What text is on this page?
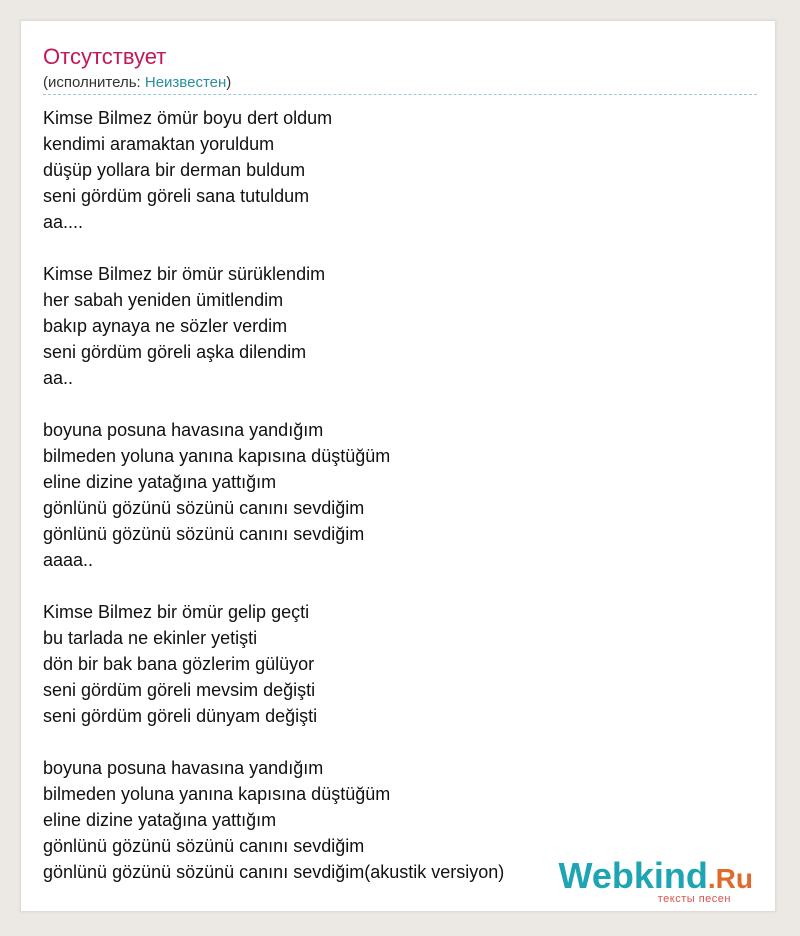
Отсутствует
(исполнитель: Неизвестен)
Kimse Bilmez ömür boyu dert oldum
kendimi aramaktan yoruldum
düşüp yollara bir derman buldum
seni gördüm göreli sana tutuldum
aa....

Kimse Bilmez bir ömür sürüklendim
her sabah yeniden ümitlendim
bakıp aynaya ne sözler verdim
seni gördüm göreli aşka dilendim
aa..

boyuna posuna havasına yandığım
bilmeden yoluna yanına kapısına düştüğüm
eline dizine yatağına yattığım
gönlünü gözünü sözünü canını sevdiğim
gönlünü gözünü sözünü canını sevdiğim
aaaa..

Kimse Bilmez bir ömür gelip geçti
bu tarlada ne ekinler yetişti
dön bir bak bana gözlerim gülüyor
seni gördüm göreli mevsim değişti
seni gördüm göreli dünyam değişti

boyuna posuna havasına yandığım
bilmeden yoluna yanına kapısına düştüğüm
eline dizine yatağına yattığım
gönlünü gözünü sözünü canını sevdiğim
gönlünü gözünü sözünü canını sevdiğim(akustik versiyon) Webkind.Ru
тексты песен
